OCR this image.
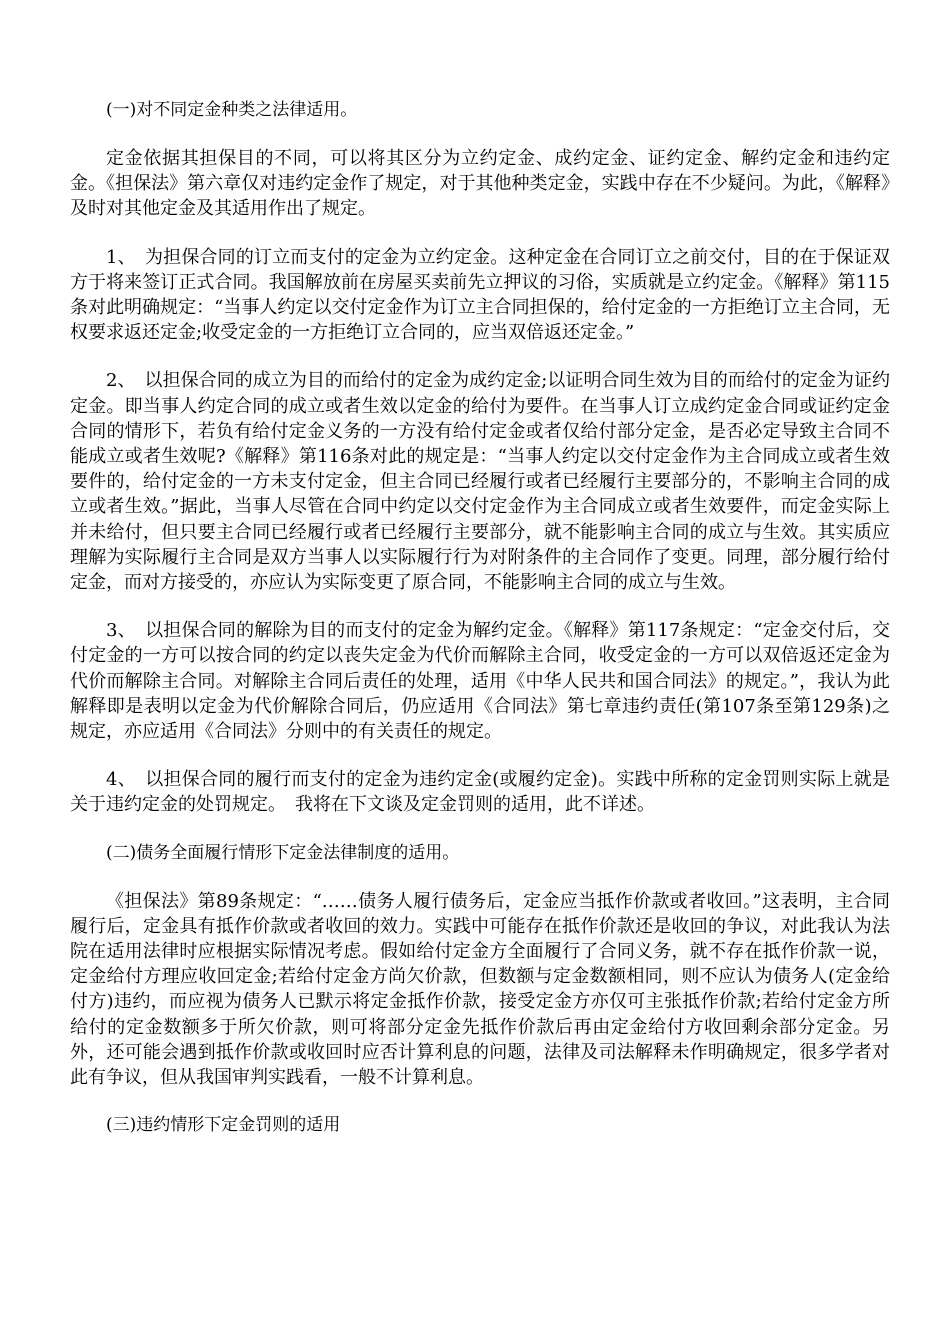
(一)对不同定金种类之法律适用。

定金依据其担保目的不同，可以将其区分为立约定金、成约定金、证约定金、解约定金和违约定金。《担保法》第六章仅对违约定金作了规定，对于其他种类定金，实践中存在不少疑问。为此，《解释》及时对其他定金及其适用作出了规定。

1、　为担保合同的订立而支付的定金为立约定金。这种定金在合同订立之前交付，目的在于保证双方于将来签订正式合同。我国解放前在房屋买卖前先立押议的习俗，实质就是立约定金。《解释》第115条对此明确规定：“当事人约定以交付定金作为订立主合同担保的，给付定金的一方拒绝订立主合同，无权要求返还定金;收受定金的一方拒绝订立合同的，应当双倍返还定金。”

2、　以担保合同的成立为目的而给付的定金为成约定金;以证明合同生效为目的而给付的定金为证约定金。即当事人约定合同的成立或者生效以定金的给付为要件。在当事人订立成约定金合同或证约定金合同的情形下，若负有给付定金义务的一方没有给付定金或者仅给付部分定金，是否必定导致主合同不能成立或者生效呢?《解释》第116条对此的规定是：“当事人约定以交付定金作为主合同成立或者生效要件的，给付定金的一方未支付定金，但主合同已经履行或者已经履行主要部分的，不影响主合同的成立或者生效。”据此，当事人尽管在合同中约定以交付定金作为主合同成立或者生效要件，而定金实际上并未给付，但只要主合同已经履行或者已经履行主要部分，就不能影响主合同的成立与生效。其实质应理解为实际履行主合同是双方当事人以实际履行行为对附条件的主合同作了变更。同理，部分履行给付定金，而对方接受的，亦应认为实际变更了原合同，不能影响主合同的成立与生效。

3、　以担保合同的解除为目的而支付的定金为解约定金。《解释》第117条规定：“定金交付后，交付定金的一方可以按合同的约定以丧失定金为代价而解除主合同，收受定金的一方可以双倍返还定金为代价而解除主合同。对解除主合同后责任的处理，适用《中华人民共和国合同法》的规定。”，我认为此解释即是表明以定金为代价解除合同后，仍应适用《合同法》第七章违约责任(第107条至第129条)之规定，亦应适用《合同法》分则中的有关责任的规定。

4、　以担保合同的履行而支付的定金为违约定金(或履约定金)。实践中所称的定金罚则实际上就是关于违约定金的处罚规定。　我将在下文谈及定金罚则的适用，此不详述。

(二)债务全面履行情形下定金法律制度的适用。

《担保法》第89条规定：“……债务人履行债务后，定金应当抵作价款或者收回。”这表明，主合同履行后，定金具有抵作价款或者收回的效力。实践中可能存在抵作价款还是收回的争议，对此我认为法院在适用法律时应根据实际情况考虑。假如给付定金方全面履行了合同义务，就不存在抵作价款一说，定金给付方理应收回定金;若给付定金方尚欠价款，但数额与定金数额相同，则不应认为债务人(定金给付方)违约，而应视为债务人已默示将定金抵作价款，接受定金方亦仅可主张抵作价款;若给付定金方所给付的定金数额多于所欠价款，则可将部分定金先抵作价款后再由定金给付方收回剩余部分定金。另外，还可能会遇到抵作价款或收回时应否计算利息的问题，法律及司法解释未作明确规定，很多学者对此有争议，但从我国审判实践看，一般不计算利息。

(三)违约情形下定金罚则的适用
